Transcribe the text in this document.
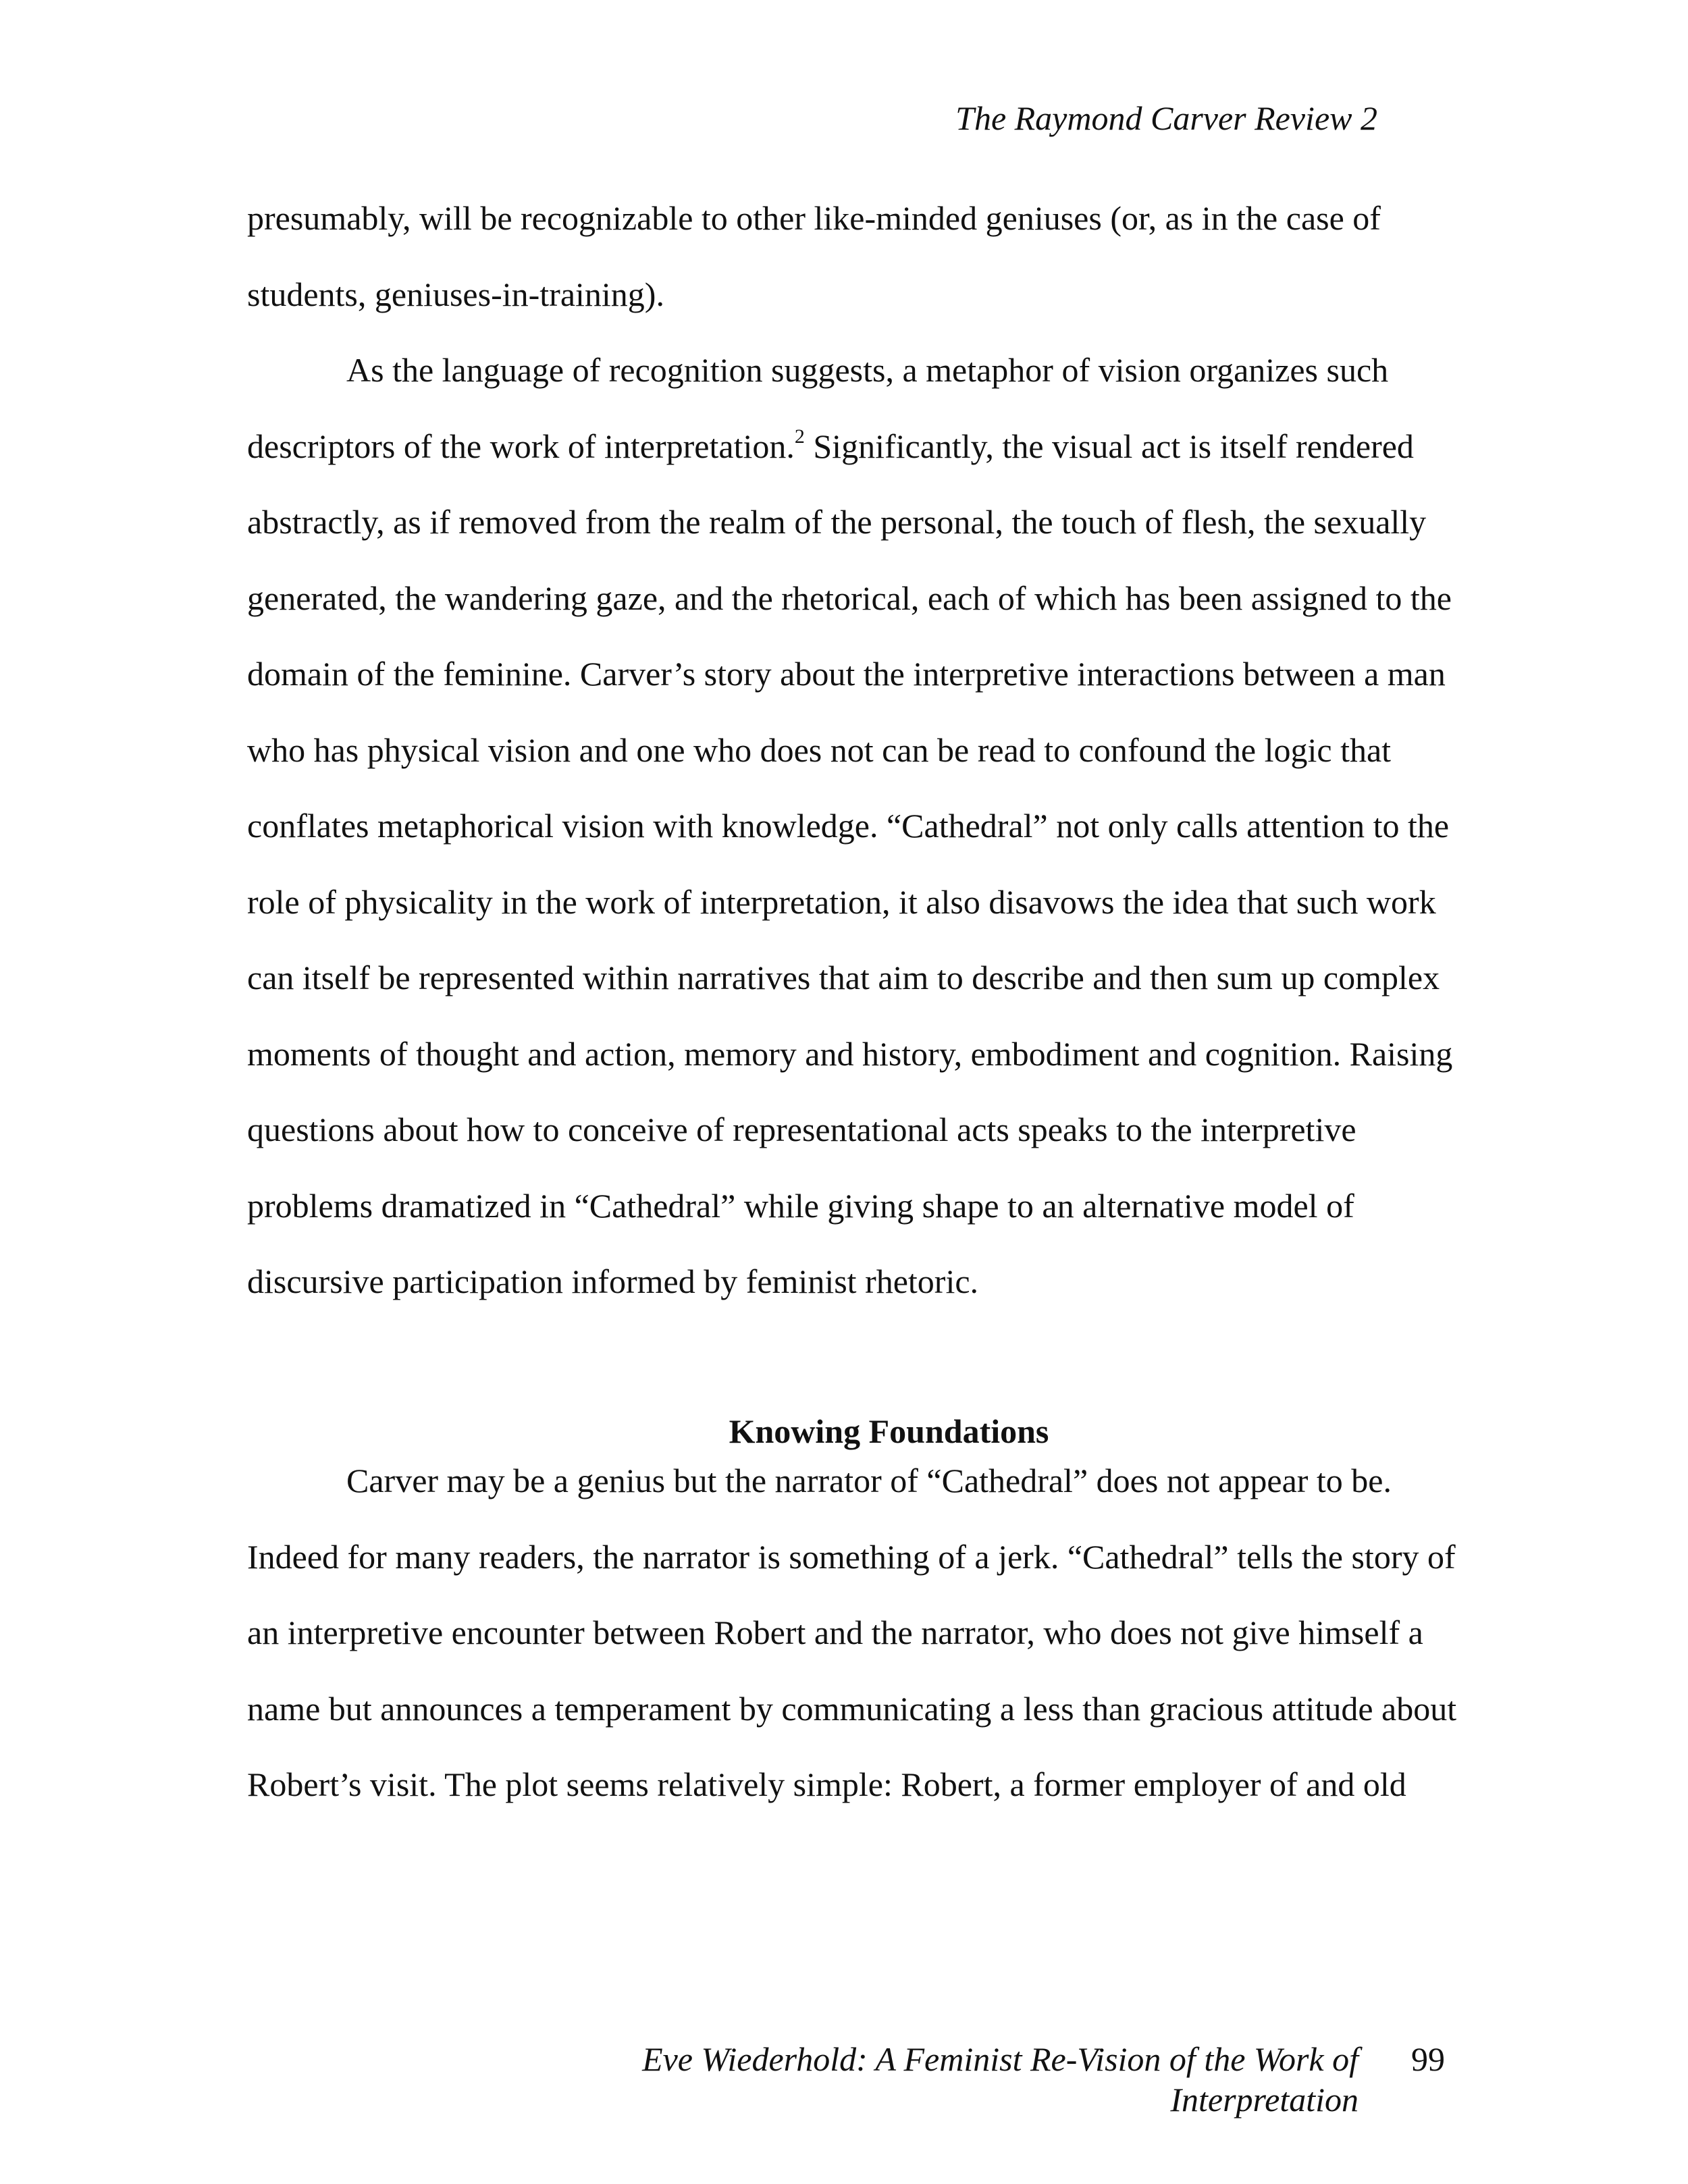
The Raymond Carver Review 2
presumably, will be recognizable to other like-minded geniuses (or, as in the case of
students, geniuses-in-training).
As the language of recognition suggests, a metaphor of vision organizes such
descriptors of the work of interpretation.$^2$ Significantly, the visual act is itself rendered
abstractly, as if removed from the realm of the personal, the touch of flesh, the sexually
generated, the wandering gaze, and the rhetorical, each of which has been assigned to the
domain of the feminine. Carver’s story about the interpretive interactions between a man
who has physical vision and one who does not can be read to confound the logic that
conflates metaphorical vision with knowledge. “Cathedral” not only calls attention to the
role of physicality in the work of interpretation, it also disavows the idea that such work
can itself be represented within narratives that aim to describe and then sum up complex
moments of thought and action, memory and history, embodiment and cognition. Raising
questions about how to conceive of representational acts speaks to the interpretive
problems dramatized in “Cathedral” while giving shape to an alternative model of
discursive participation informed by feminist rhetoric.
Knowing Foundations
Carver may be a genius but the narrator of “Cathedral” does not appear to be.
Indeed for many readers, the narrator is something of a jerk. “Cathedral” tells the story of
an interpretive encounter between Robert and the narrator, who does not give himself a
name but announces a temperament by communicating a less than gracious attitude about
Robert’s visit. The plot seems relatively simple: Robert, a former employer of and old
Eve Wiederhold: A Feminist Re-Vision of the Work of Interpretation
99
